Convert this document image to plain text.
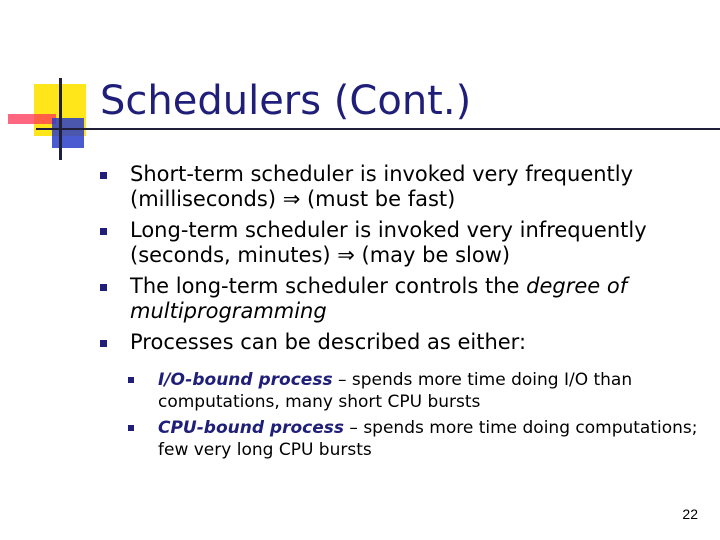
Schedulers (Cont.)
Short-term scheduler is invoked very frequently (milliseconds) ⇒ (must be fast)
Long-term scheduler is invoked very infrequently (seconds, minutes) ⇒ (may be slow)
The long-term scheduler controls the degree of multiprogramming
Processes can be described as either:
I/O-bound process – spends more time doing I/O than computations, many short CPU bursts
CPU-bound process – spends more time doing computations; few very long CPU bursts
22
